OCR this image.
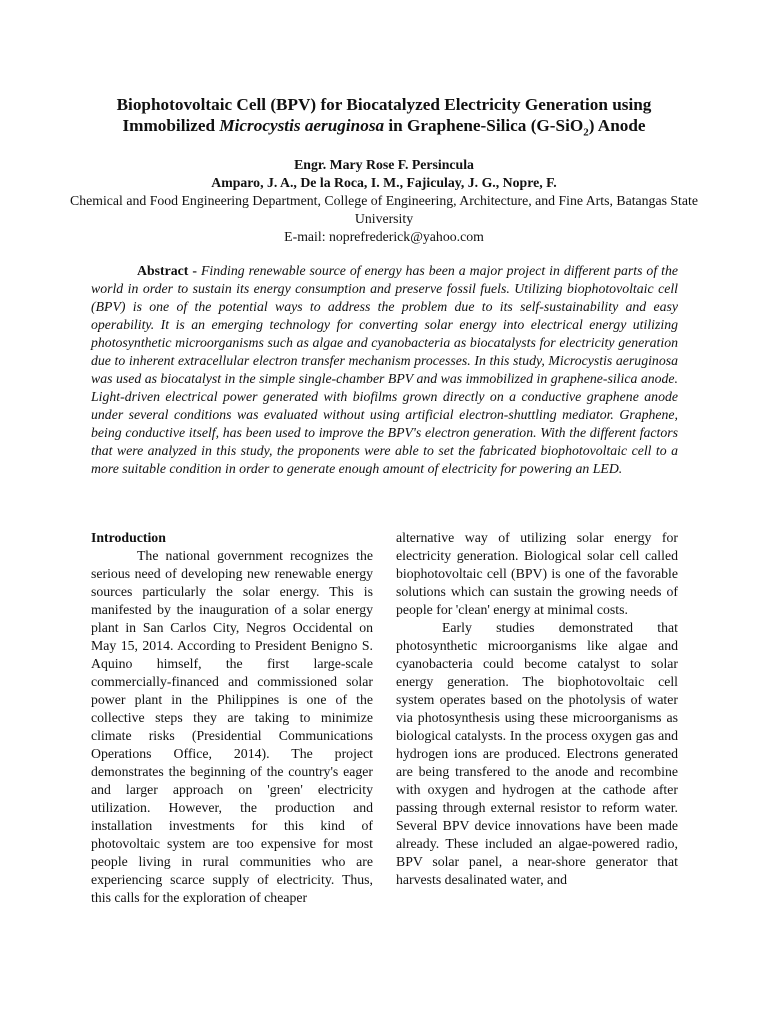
Biophotovoltaic Cell (BPV) for Biocatalyzed Electricity Generation using
Immobilized Microcystis aeruginosa in Graphene-Silica (G-SiO$_2$) Anode
Engr. Mary Rose F. Persincula
Amparo, J. A., De la Roca, I. M., Fajiculay, J. G., Nopre, F.
Chemical and Food Engineering Department, College of Engineering, Architecture, and Fine Arts, Batangas State University
E-mail: noprefrederick@yahoo.com
Abstract - Finding renewable source of energy has been a major project in different parts of the world in order to sustain its energy consumption and preserve fossil fuels. Utilizing biophotovoltaic cell (BPV) is one of the potential ways to address the problem due to its self-sustainability and easy operability. It is an emerging technology for converting solar energy into electrical energy utilizing photosynthetic microorganisms such as algae and cyanobacteria as biocatalysts for electricity generation due to inherent extracellular electron transfer mechanism processes. In this study, Microcystis aeruginosa was used as biocatalyst in the simple single-chamber BPV and was immobilized in graphene-silica anode. Light-driven electrical power generated with biofilms grown directly on a conductive graphene anode under several conditions was evaluated without using artificial electron-shuttling mediator. Graphene, being conductive itself, has been used to improve the BPV's electron generation. With the different factors that were analyzed in this study, the proponents were able to set the fabricated biophotovoltaic cell to a more suitable condition in order to generate enough amount of electricity for powering an LED.

Introduction

The national government recognizes the serious need of developing new renewable energy sources particularly the solar energy. This is manifested by the inauguration of a solar energy plant in San Carlos City, Negros Occidental on May 15, 2014. According to President Benigno S. Aquino himself, the first large-scale commercially-financed and commissioned solar power plant in the Philippines is one of the collective steps they are taking to minimize climate risks (Presidential Communications Operations Office, 2014). The project demonstrates the beginning of the country's eager and larger approach on 'green' electricity utilization. However, the production and installation investments for this kind of photovoltaic system are too expensive for most people living in rural communities who are experiencing scarce supply of electricity. Thus, this calls for the exploration of cheaper

alternative way of utilizing solar energy for electricity generation. Biological solar cell called biophotovoltaic cell (BPV) is one of the favorable solutions which can sustain the growing needs of people for 'clean' energy at minimal costs.

Early studies demonstrated that photosynthetic microorganisms like algae and cyanobacteria could become catalyst to solar energy generation. The biophotovoltaic cell system operates based on the photolysis of water via photosynthesis using these microorganisms as biological catalysts. In the process oxygen gas and hydrogen ions are produced. Electrons generated are being transfered to the anode and recombine with oxygen and hydrogen at the cathode after passing through external resistor to reform water. Several BPV device innovations have been made already. These included an algae-powered radio, BPV solar panel, a near-shore generator that harvests desalinated water, and
